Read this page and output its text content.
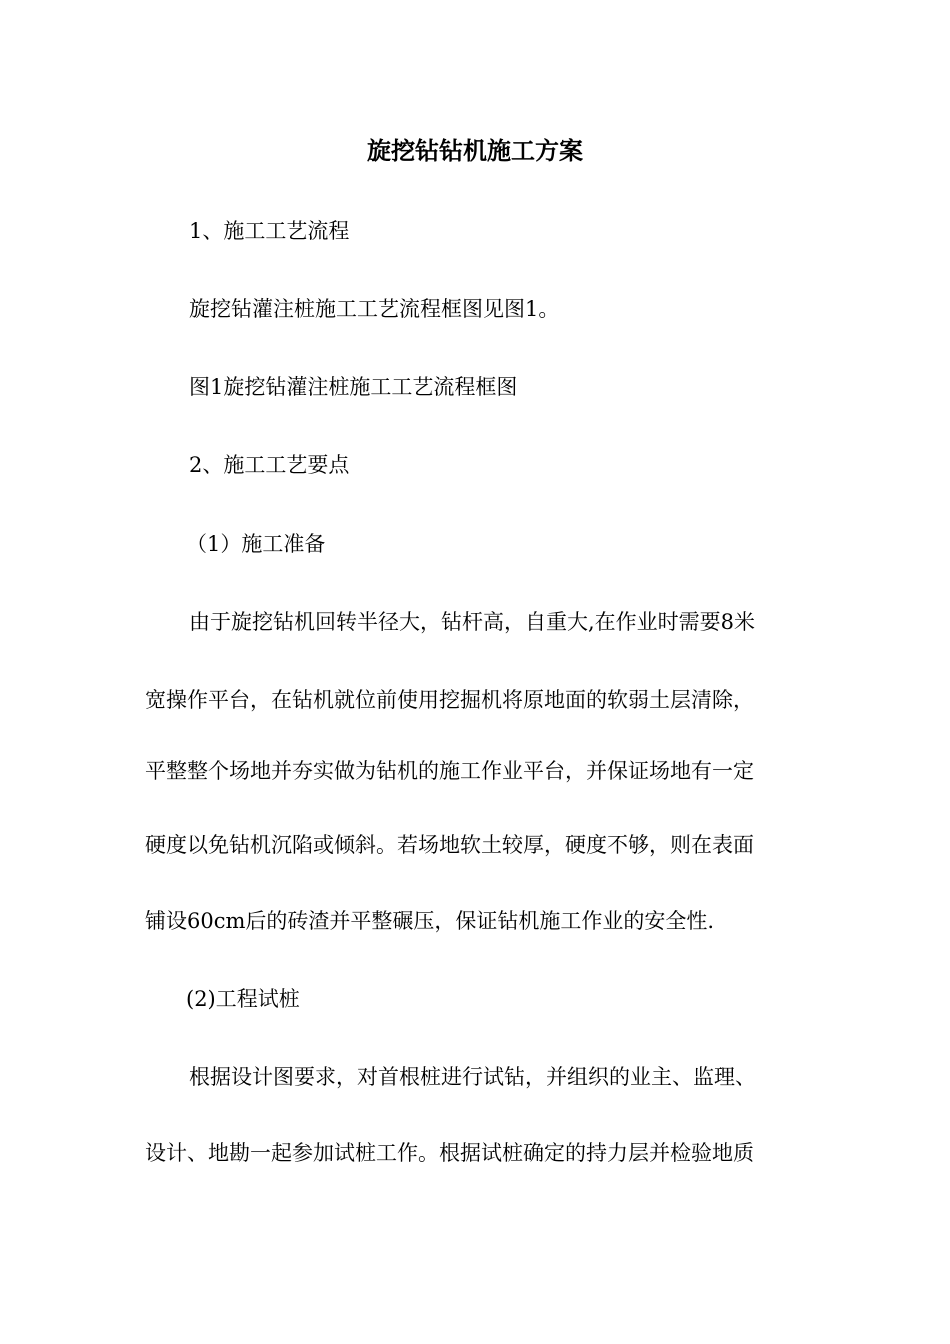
旋挖钻钻机施工方案

1、施工工艺流程

旋挖钻灌注桩施工工艺流程框图见图1。

图1旋挖钻灌注桩施工工艺流程框图

2、施工工艺要点

（1）施工准备

由于旋挖钻机回转半径大，钻杆高，自重大,在作业时需要8米

宽操作平台，在钻机就位前使用挖掘机将原地面的软弱土层清除，

平整整个场地并夯实做为钻机的施工作业平台，并保证场地有一定

硬度以免钻机沉陷或倾斜。若场地软土较厚，硬度不够，则在表面

铺设60cm后的砖渣并平整碾压，保证钻机施工作业的安全性.

(2)工程试桩

根据设计图要求，对首根桩进行试钻，并组织的业主、监理、

设计、地勘一起参加试桩工作。根据试桩确定的持力层并检验地质
